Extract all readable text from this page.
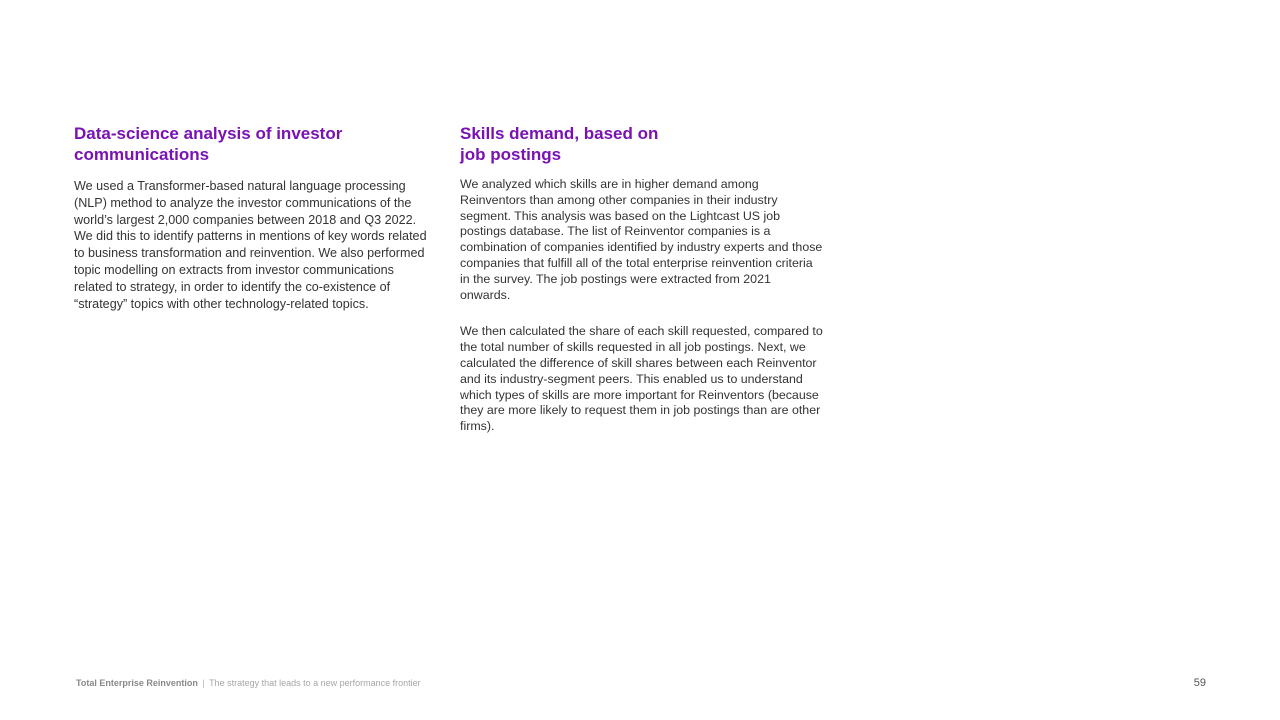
Data-science analysis of investor communications

We used a Transformer-based natural language processing (NLP) method to analyze the investor communications of the world’s largest 2,000 companies between 2018 and Q3 2022. We did this to identify patterns in mentions of key words related to business transformation and reinvention. We also performed topic modelling on extracts from investor communications related to strategy, in order to identify the co-existence of “strategy” topics with other technology-related topics.

Skills demand, based on job postings

We analyzed which skills are in higher demand among Reinventors than among other companies in their industry segment. This analysis was based on the Lightcast US job postings database. The list of Reinventor companies is a combination of companies identified by industry experts and those companies that fulfill all of the total enterprise reinvention criteria in the survey. The job postings were extracted from 2021 onwards.

We then calculated the share of each skill requested, compared to the total number of skills requested in all job postings. Next, we calculated the difference of skill shares between each Reinventor and its industry-segment peers. This enabled us to understand which types of skills are more important for Reinventors (because they are more likely to request them in job postings than are other firms).

Total Enterprise Reinvention | The strategy that leads to a new performance frontier	59
